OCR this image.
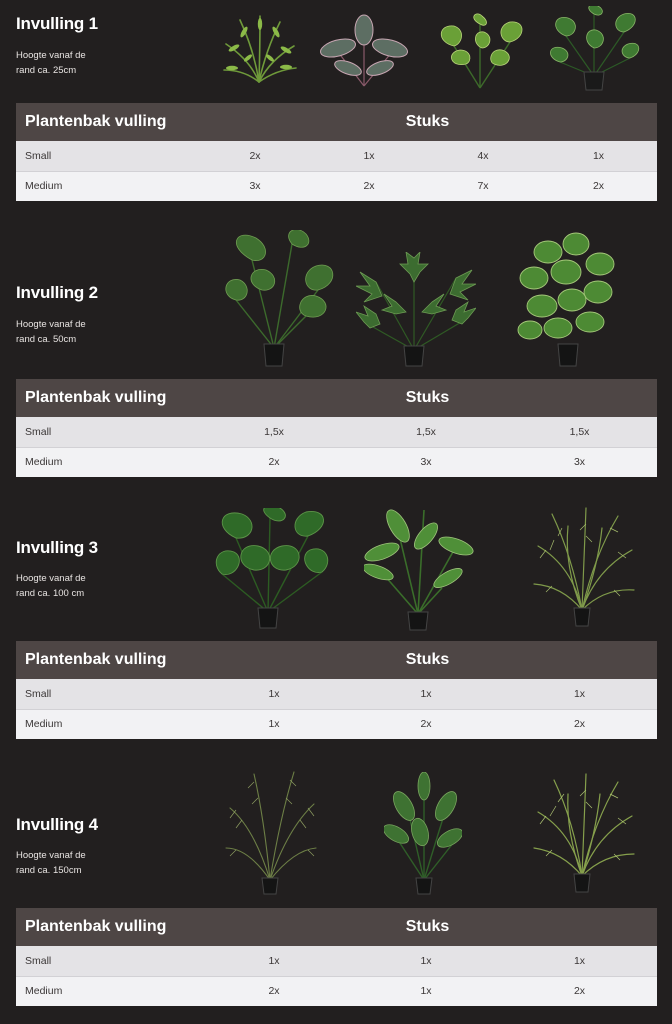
Invulling 1
Hoogte vanaf de
rand ca. 25cm
Plantenbak vulling	Stuks			
Small	2x	1x	4x	1x
Medium	3x	2x	7x	2x
Invulling 2
Hoogte vanaf de
rand ca. 50cm
Plantenbak vulling	Stuks		
Small	1,5x	1,5x	1,5x
Medium	2x	3x	3x
Invulling 3
Hoogte vanaf de
rand ca. 100 cm
Plantenbak vulling	Stuks		
Small	1x	1x	1x
Medium	1x	2x	2x
Invulling 4
Hoogte vanaf de
rand ca. 150cm
Plantenbak vulling	Stuks		
Small	1x	1x	1x
Medium	2x	1x	2x
